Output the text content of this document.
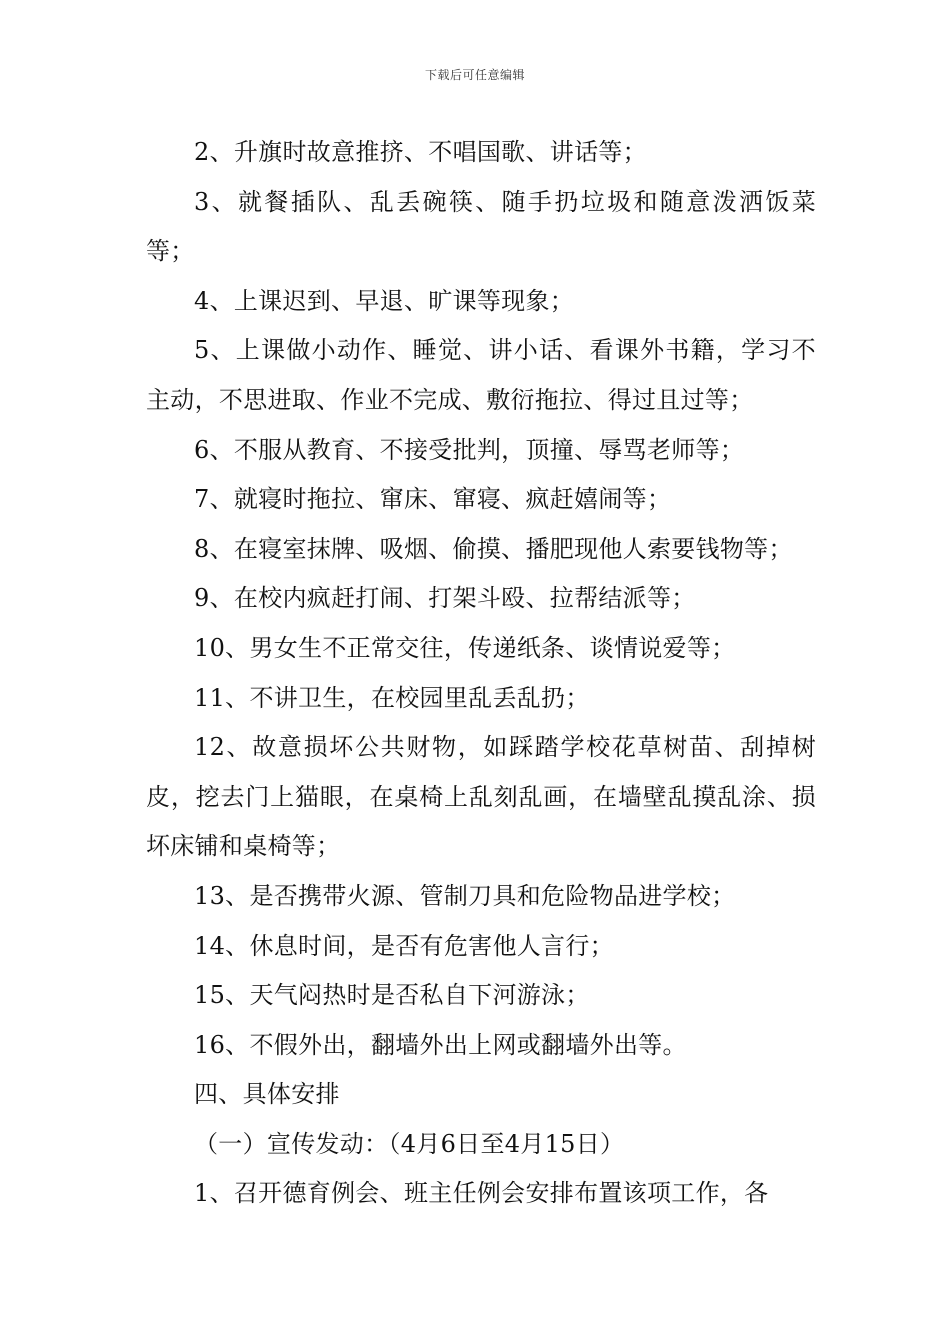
下载后可任意编辑

2、升旗时故意推挤、不唱国歌、讲话等；

3、就餐插队、乱丢碗筷、随手扔垃圾和随意泼洒饭菜等；

4、上课迟到、早退、旷课等现象；

5、上课做小动作、睡觉、讲小话、看课外书籍，学习不主动，不思进取、作业不完成、敷衍拖拉、得过且过等；

6、不服从教育、不接受批判，顶撞、辱骂老师等；

7、就寝时拖拉、窜床、窜寝、疯赶嬉闹等；

8、在寝室抹牌、吸烟、偷摸、播肥现他人索要钱物等；

9、在校内疯赶打闹、打架斗殴、拉帮结派等；

10、男女生不正常交往，传递纸条、谈情说爱等；

11、不讲卫生，在校园里乱丢乱扔；

12、故意损坏公共财物，如踩踏学校花草树苗、刮掉树皮，挖去门上猫眼，在桌椅上乱刻乱画，在墙壁乱摸乱涂、损坏床铺和桌椅等；

13、是否携带火源、管制刀具和危险物品进学校；

14、休息时间，是否有危害他人言行；

15、天气闷热时是否私自下河游泳；

16、不假外出，翻墙外出上网或翻墙外出等。

四、具体安排

（一）宣传发动：（4月6日至4月15日）

1、召开德育例会、班主任例会安排布置该项工作，各
